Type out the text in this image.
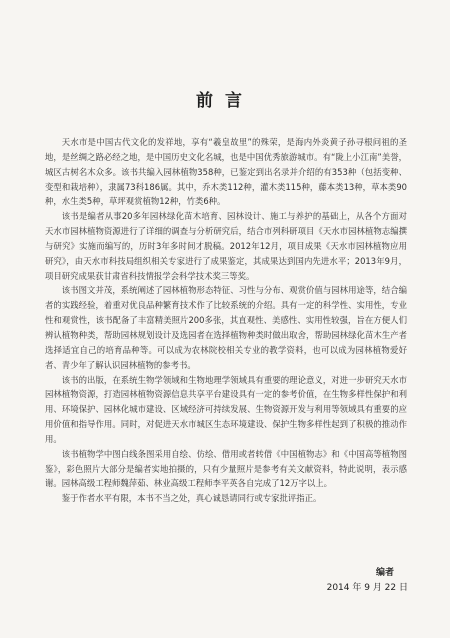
前言

天水市是中国古代文化的发祥地，享有“羲皇故里”的殊荣，是海内外炎黄子孙寻根问祖的圣地，是丝绸之路必经之地，是中国历史文化名城，也是中国优秀旅游城市。有“陇上小江南”美誉，城区古树名木众多。该书共编入园林植物358种，已鉴定到出名录并介绍的有353种（包括变种、变型和栽培种），隶属73科186属。其中，乔木类112种，灌木类115种，藤本类13种，草本类90种，水生类5种，草坪观赏植物12种，竹类6种。

该书是编者从事20多年园林绿化苗木培育、园林设计、施工与养护的基础上，从各个方面对天水市园林植物资源进行了详细的调查与分析研究后，结合市列科研项目《天水市园林植物志编撰与研究》实施而编写的，历时3年多时间才脱稿。2012年12月，项目成果《天水市园林植物应用研究》，由天水市科技局组织相关专家进行了成果鉴定，其成果达到国内先进水平；2013年9月，项目研究成果获甘肃省科技情报学会科学技术奖三等奖。

该书图文并茂，系统阐述了园林植物形态特征、习性与分布、观赏价值与园林用途等，结合编者的实践经验，着重对优良品种繁育技术作了比较系统的介绍。具有一定的科学性、实用性，专业性和观赏性，该书配备了丰富精美照片200多张，其直观性、美感性、实用性较强，旨在方便人们辨认植物种类，帮助园林规划设计及选园者在选择植物种类时做出取舍，帮助园林绿化苗木生产者选择适宜自己的培育品种等。可以成为农林院校相关专业的教学资料，也可以成为园林植物爱好者、青少年了解认识园林植物的参考书。

该书的出版，在系统生物学领域和生物地理学领域具有重要的理论意义，对进一步研究天水市园林植物资源，打造园林植物资源信息共享平台建设具有一定的参考价值，在生物多样性保护和利用、环境保护、园林化城市建设、区域经济可持续发展、生物资源开发与利用等领域具有重要的应用价值和指导作用。同时，对促进天水市城区生态环境建设、保护生物多样性起到了积极的推动作用。

该书植物学中图白线条图采用自绘、仿绘、借用或者转借《中国植物志》和《中国高等植物图鉴》，彩色照片大部分是编者实地拍摄的，只有少量照片是参考有关文献资料，特此说明，表示感谢。园林高级工程师魏萍茹、林业高级工程师李平英各自完成了12万字以上。

鉴于作者水平有限，本书不当之处，真心诚恳请同行或专家批评指正。

编者
2014 年 9 月 22 日
